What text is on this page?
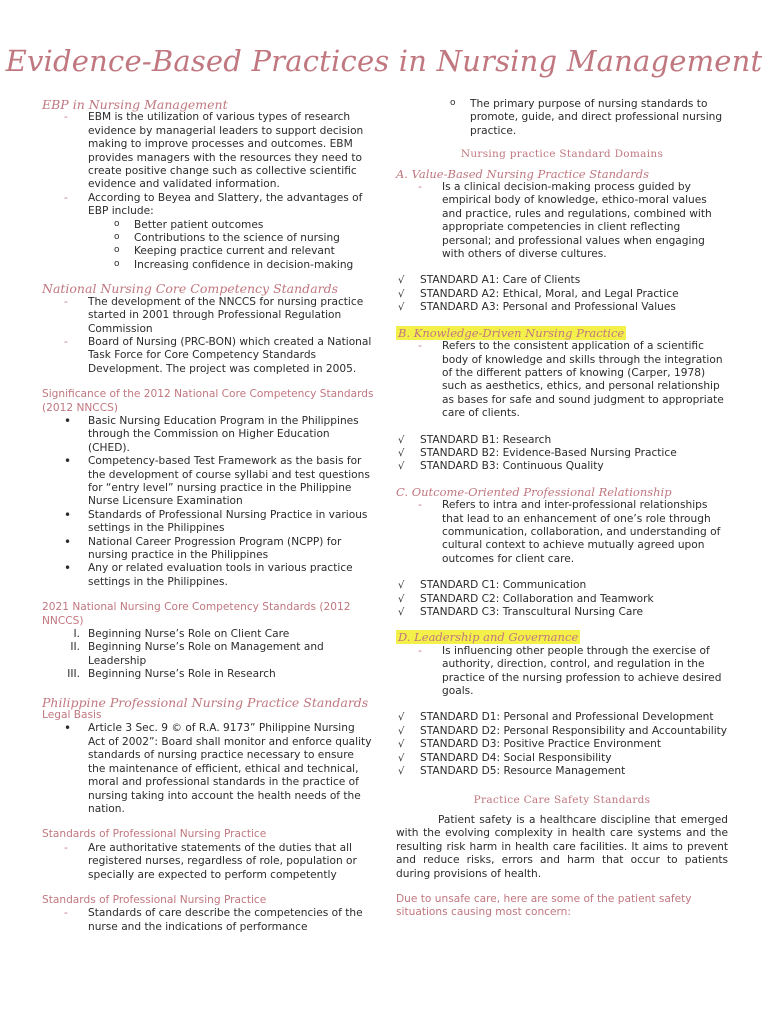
Evidence-Based Practices in Nursing Management
EBP in Nursing Management
- EBM is the utilization of various types of research evidence by managerial leaders to support decision making to improve processes and outcomes. EBM provides managers with the resources they need to create positive change such as collective scientific evidence and validated information.
- According to Beyea and Slattery, the advantages of EBP include:
o Better patient outcomes
o Contributions to the science of nursing
o Keeping practice current and relevant
o Increasing confidence in decision-making
National Nursing Core Competency Standards
- The development of the NNCCS for nursing practice started in 2001 through Professional Regulation Commission
- Board of Nursing (PRC-BON) which created a National Task Force for Core Competency Standards Development. The project was completed in 2005.
Significance of the 2012 National Core Competency Standards (2012 NNCCS)
• Basic Nursing Education Program in the Philippines through the Commission on Higher Education (CHED).
• Competency-based Test Framework as the basis for the development of course syllabi and test questions for “entry level” nursing practice in the Philippine Nurse Licensure Examination
• Standards of Professional Nursing Practice in various settings in the Philippines
• National Career Progression Program (NCPP) for nursing practice in the Philippines
• Any or related evaluation tools in various practice settings in the Philippines.
2021 National Nursing Core Competency Standards (2012 NNCCS)
I. Beginning Nurse’s Role on Client Care
II. Beginning Nurse’s Role on Management and Leadership
III. Beginning Nurse’s Role in Research
Philippine Professional Nursing Practice Standards
Legal Basis
• Article 3 Sec. 9 © of R.A. 9173” Philippine Nursing Act of 2002”: Board shall monitor and enforce quality standards of nursing practice necessary to ensure the maintenance of efficient, ethical and technical, moral and professional standards in the practice of nursing taking into account the health needs of the nation.
Standards of Professional Nursing Practice
- Are authoritative statements of the duties that all registered nurses, regardless of role, population or specially are expected to perform competently
Standards of Professional Nursing Practice
- Standards of care describe the competencies of the nurse and the indications of performance
o The primary purpose of nursing standards to promote, guide, and direct professional nursing practice.
Nursing practice Standard Domains
A. Value-Based Nursing Practice Standards
- Is a clinical decision-making process guided by empirical body of knowledge, ethico-moral values and practice, rules and regulations, combined with appropriate competencies in client reflecting personal; and professional values when engaging with others of diverse cultures.
√ STANDARD A1: Care of Clients
√ STANDARD A2: Ethical, Moral, and Legal Practice
√ STANDARD A3: Personal and Professional Values
B. Knowledge-Driven Nursing Practice
- Refers to the consistent application of a scientific body of knowledge and skills through the integration of the different patters of knowing (Carper, 1978) such as aesthetics, ethics, and personal relationship as bases for safe and sound judgment to appropriate care of clients.
√ STANDARD B1: Research
√ STANDARD B2: Evidence-Based Nursing Practice
√ STANDARD B3: Continuous Quality
C. Outcome-Oriented Professional Relationship
- Refers to intra and inter-professional relationships that lead to an enhancement of one’s role through communication, collaboration, and understanding of cultural context to achieve mutually agreed upon outcomes for client care.
√ STANDARD C1: Communication
√ STANDARD C2: Collaboration and Teamwork
√ STANDARD C3: Transcultural Nursing Care
D. Leadership and Governance
- Is influencing other people through the exercise of authority, direction, control, and regulation in the practice of the nursing profession to achieve desired goals.
√ STANDARD D1: Personal and Professional Development
√ STANDARD D2: Personal Responsibility and Accountability
√ STANDARD D3: Positive Practice Environment
√ STANDARD D4: Social Responsibility
√ STANDARD D5: Resource Management
Practice Care Safety Standards
Patient safety is a healthcare discipline that emerged with the evolving complexity in health care systems and the resulting risk harm in health care facilities. It aims to prevent and reduce risks, errors and harm that occur to patients during provisions of health.
Due to unsafe care, here are some of the patient safety situations causing most concern:
